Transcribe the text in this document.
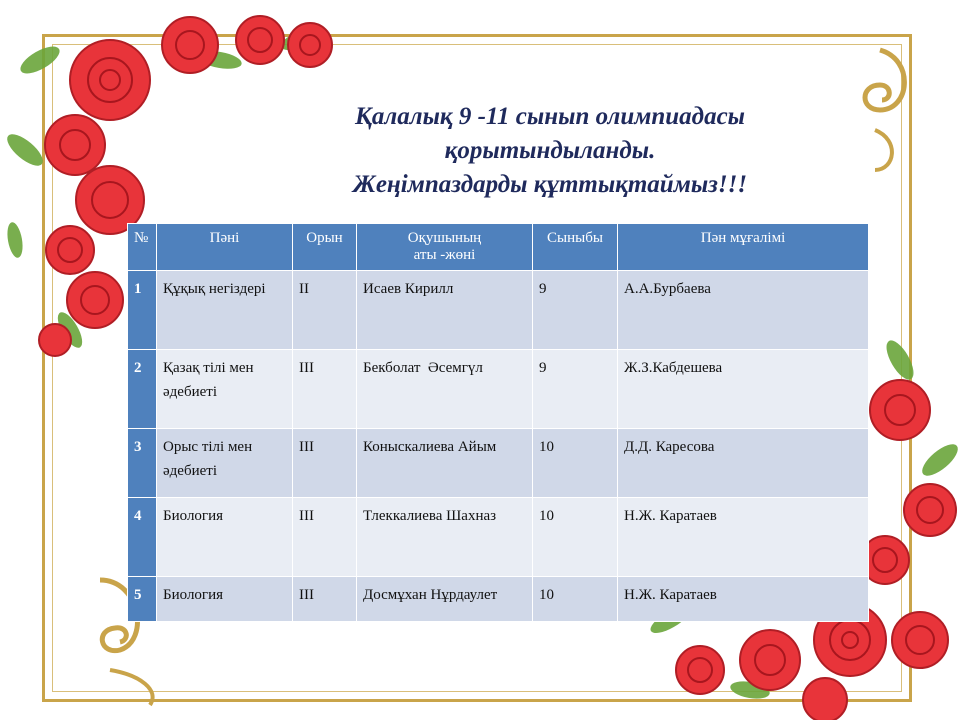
Қалалық 9 -11 сынып олимпиадасы
қорытындыланды.
Жеңімпаздарды құттықтаймыз!!!
№	Пәні	Орын	Оқушының
аты -жөні	Сыныбы	Пән мұғалімі
1	Құқық негіздері	II	Исаев Кирилл	9	А.А.Бурбаева
2	Қазақ тілі мен
әдебиеті	III	Бекболат  Әсемгүл	9	Ж.З.Кабдешева
3	Орыс тілі мен
әдебиеті	III	Коныскалиева Айым	10	Д.Д. Каресова
4	Биология	III	Тлеккалиева Шахназ	10	Н.Ж. Каратаев
5	Биология	III	Досмұхан Нұрдаулет	10	Н.Ж. Каратаев
